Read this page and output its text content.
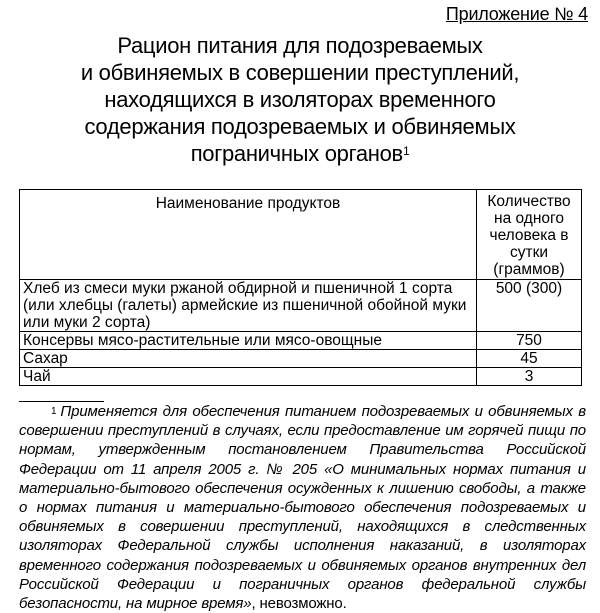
Приложение № 4
Рацион питания для подозреваемых
и обвиняемых в совершении преступлений,
находящихся в изоляторах временного
содержания подозреваемых и обвиняемых
пограничных органов$^1$
Наименование продуктов	Количество на одного человека в сутки (граммов)
Хлеб из смеси муки ржаной обдирной и пшеничной 1 сорта (или хлебцы (галеты) армейские из пшеничной обойной муки или муки 2 сорта)	500 (300)
Консервы мясо-растительные или мясо-овощные	750
Сахар	45
Чай	3
$^1$ Применяется для обеспечения питанием подозреваемых и обвиняемых в совершении преступлений в случаях, если предоставление им горячей пищи по нормам, утвержденным постановлением Правительства Российской Федерации от 11 апреля 2005 г. № 205 «О минимальных нормах питания и материально-бытового обеспечения осужденных к лишению свободы, а также о нормах питания и материально-бытового обеспечения подозреваемых и обвиняемых в совершении преступлений, находящихся в следственных изоляторах Федеральной службы исполнения наказаний, в изоляторах временного содержания подозреваемых и обвиняемых органов внутренних дел Российской Федерации и пограничных органов федеральной службы безопасности, на мирное время», невозможно.
